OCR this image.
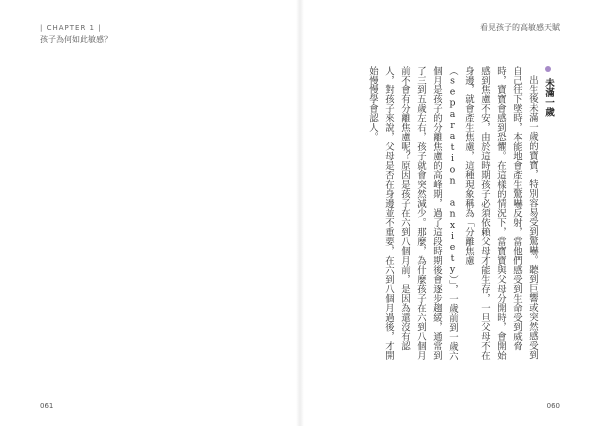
| CHAPTER 1 |
孩子為何如此敏感？

061
看見孩子的高敏感天賦
未滿一歲

出生後未滿一歲的寶寶，特別容易受到驚嚇。聽到巨響或突然感受到自己往下墜時，本能地會產生驚嚇反射，當他們感受到生命受到威脅時，寶寶會感到恐懼。在這樣的情況下，當寶寶與父母分開時，會開始感到焦慮不安，由於這時期孩子必須依賴父母才能生存，一旦父母不在身邊，就會產生焦慮，這種現象稱為「分離焦慮（separation anxiety）」，一歲前到一歲六個月是孩子的分離焦慮的高峰期，過了這段時期後會逐步趨緩，通常到了三到五歲左右，孩子就會突然減少。那麼，為什麼孩子在六到八個月前不會有分離焦慮呢？原因是孩子在六到八個月前，是因為還沒有認人，對孩子來說，父母是否在身邊並不重要，在六到八個月過後，才開始慢慢學會認人。

060
